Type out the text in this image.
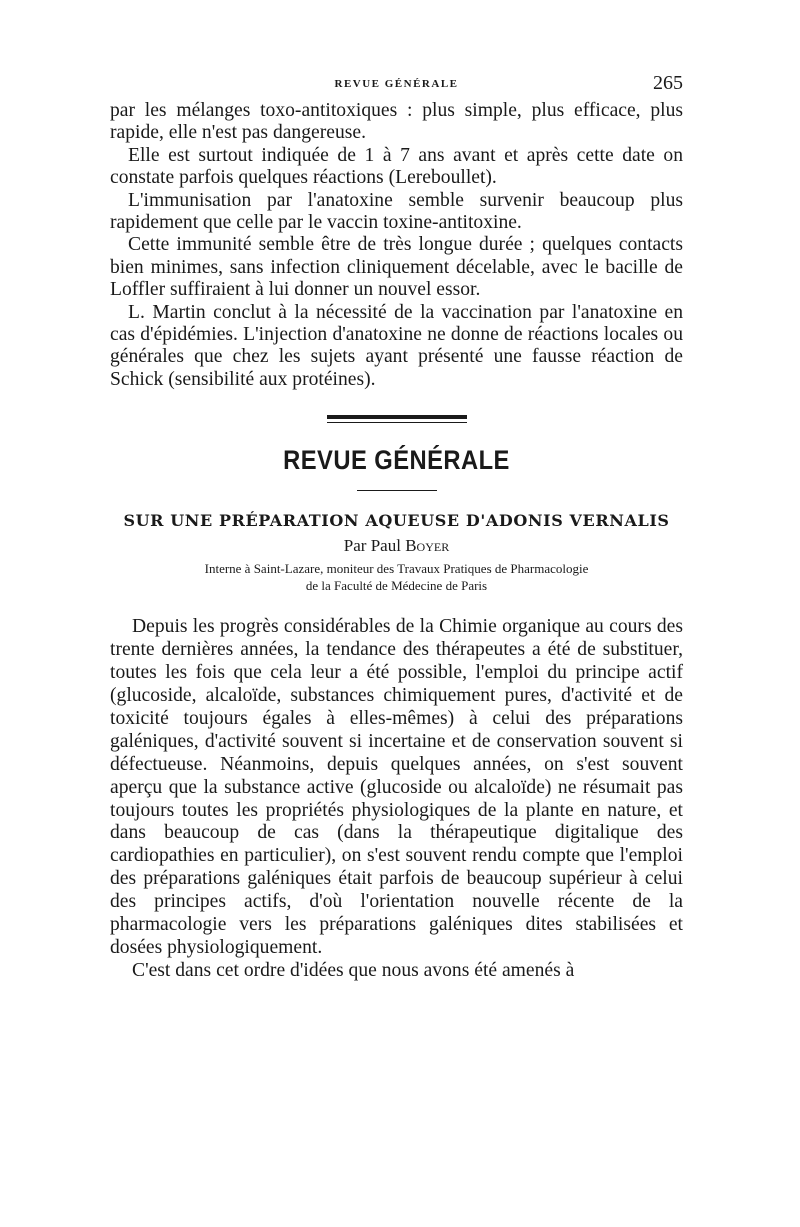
REVUE GÉNÉRALE	265

par les mélanges toxo-antitoxiques : plus simple, plus efficace, plus rapide, elle n'est pas dangereuse.

Elle est surtout indiquée de 1 à 7 ans avant et après cette date on constate parfois quelques réactions (Lereboullet).

L'immunisation par l'anatoxine semble survenir beaucoup plus rapidement que celle par le vaccin toxine-antitoxine.

Cette immunité semble être de très longue durée ; quelques contacts bien minimes, sans infection cliniquement décelable, avec le bacille de Loffler suffiraient à lui donner un nouvel essor.

L. Martin conclut à la nécessité de la vaccination par l'anatoxine en cas d'épidémies. L'injection d'anatoxine ne donne de réactions locales ou générales que chez les sujets ayant présenté une fausse réaction de Schick (sensibilité aux protéines).

REVUE GÉNÉRALE
SUR UNE PRÉPARATION AQUEUSE D'ADONIS VERNALIS
Par Paul Boyer
Interne à Saint-Lazare, moniteur des Travaux Pratiques de Pharmacologie
de la Faculté de Médecine de Paris

Depuis les progrès considérables de la Chimie organique au cours des trente dernières années, la tendance des thérapeutes a été de substituer, toutes les fois que cela leur a été possible, l'emploi du principe actif (glucoside, alcaloïde, substances chimiquement pures, d'activité et de toxicité toujours égales à elles-mêmes) à celui des préparations galéniques, d'activité souvent si incertaine et de conservation souvent si défectueuse. Néanmoins, depuis quelques années, on s'est souvent aperçu que la substance active (glucoside ou alcaloïde) ne résumait pas toujours toutes les propriétés physiologiques de la plante en nature, et dans beaucoup de cas (dans la thérapeutique digitalique des cardiopathies en particulier), on s'est souvent rendu compte que l'emploi des préparations galéniques était parfois de beaucoup supérieur à celui des principes actifs, d'où l'orientation nouvelle récente de la pharmacologie vers les préparations galéniques dites stabilisées et dosées physiologiquement.

C'est dans cet ordre d'idées que nous avons été amenés à
